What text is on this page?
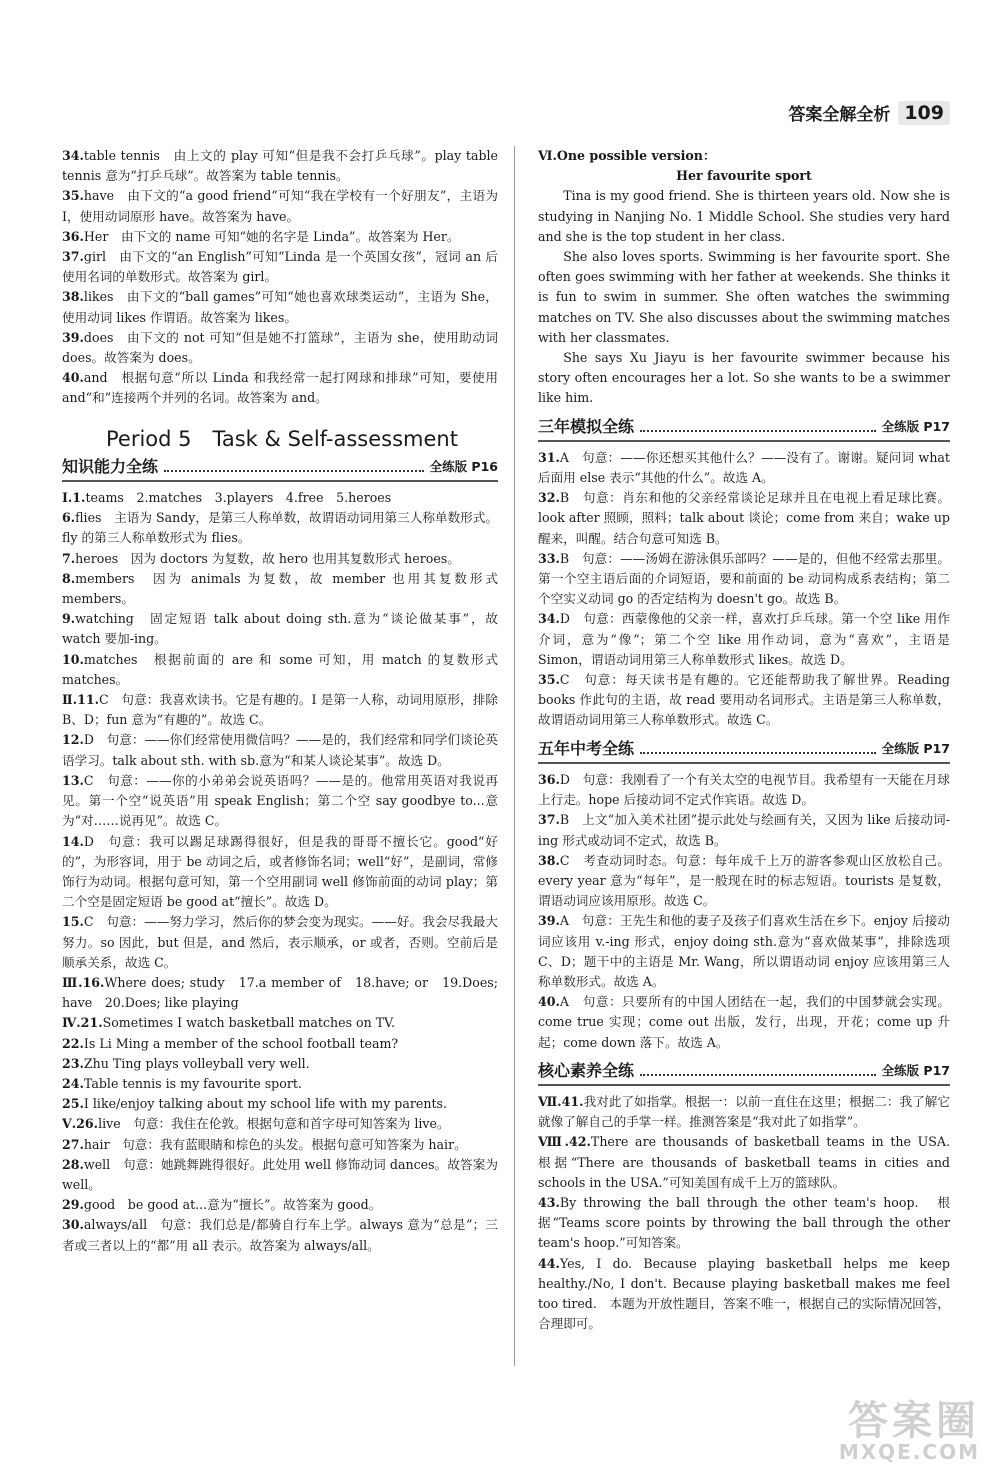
答案全解全析 109

34.table tennis　由上文的 play 可知“但是我不会打乒乓球”。play table tennis 意为“打乒乓球”。故答案为 table tennis。

35.have　由下文的“a good friend”可知“我在学校有一个好朋友”，主语为 I，使用动词原形 have。故答案为 have。

36.Her　由下文的 name 可知“她的名字是 Linda”。故答案为 Her。

37.girl　由下文的“an English”可知“Linda 是一个英国女孩”，冠词 an 后使用名词的单数形式。故答案为 girl。

38.likes　由下文的“ball games”可知“她也喜欢球类运动”，主语为 She，使用动词 likes 作谓语。故答案为 likes。

39.does　由下文的 not 可知“但是她不打篮球”，主语为 she，使用助动词 does。故答案为 does。

40.and　根据句意“所以 Linda 和我经常一起打网球和排球”可知，要使用 and“和”连接两个并列的名词。故答案为 and。

Period 5　Task & Self-assessment
知识能力全练	全练版 P16

Ⅰ.1.teams　2.matches　3.players　4.free　5.heroes

6.flies　主语为 Sandy，是第三人称单数，故谓语动词用第三人称单数形式。fly 的第三人称单数形式为 flies。

7.heroes　因为 doctors 为复数，故 hero 也用其复数形式 heroes。

8.members　因为 animals 为复数，故 member 也用其复数形式 members。

9.watching　固定短语 talk about doing sth.意为“谈论做某事”，故 watch 要加-ing。

10.matches　根据前面的 are 和 some 可知，用 match 的复数形式 matches。

Ⅱ.11.C　句意：我喜欢读书。它是有趣的。I 是第一人称，动词用原形，排除 B、D；fun 意为“有趣的”。故选 C。

12.D　句意：——你们经常使用微信吗？——是的，我们经常和同学们谈论英语学习。talk about sth. with sb.意为“和某人谈论某事”。故选 D。

13.C　句意：——你的小弟弟会说英语吗？——是的。他常用英语对我说再见。第一个空“说英语”用 speak English；第二个空 say goodbye to...意为“对……说再见”。故选 C。

14.D　句意：我可以踢足球踢得很好，但是我的哥哥不擅长它。good“好的”，为形容词，用于 be 动词之后，或者修饰名词；well“好”，是副词，常修饰行为动词。根据句意可知，第一个空用副词 well 修饰前面的动词 play；第二个空是固定短语 be good at“擅长”。故选 D。

15.C　句意：——努力学习，然后你的梦会变为现实。——好。我会尽我最大努力。so 因此，but 但是，and 然后，表示顺承，or 或者，否则。空前后是顺承关系，故选 C。

Ⅲ.16.Where does; study　17.a member of　18.have; or　19.Does; have　20.Does; like playing

Ⅳ.21.Sometimes I watch basketball matches on TV.

22.Is Li Ming a member of the school football team?

23.Zhu Ting plays volleyball very well.

24.Table tennis is my favourite sport.

25.I like/enjoy talking about my school life with my parents.

Ⅴ.26.live　句意：我住在伦敦。根据句意和首字母可知答案为 live。

27.hair　句意：我有蓝眼睛和棕色的头发。根据句意可知答案为 hair。

28.well　句意：她跳舞跳得很好。此处用 well 修饰动词 dances。故答案为 well。

29.good　be good at...意为“擅长”。故答案为 good。

30.always/all　句意：我们总是/都骑自行车上学。always 意为“总是”；三者或三者以上的“都”用 all 表示。故答案为 always/all。

Ⅵ.One possible version：

Her favourite sport

Tina is my good friend. She is thirteen years old. Now she is studying in Nanjing No. 1 Middle School. She studies very hard and she is the top student in her class.

She also loves sports. Swimming is her favourite sport. She often goes swimming with her father at weekends. She thinks it is fun to swim in summer. She often watches the swimming matches on TV. She also discusses about the swimming matches with her classmates.

She says Xu Jiayu is her favourite swimmer because his story often encourages her a lot. So she wants to be a swimmer like him.

三年模拟全练	全练版 P17

31.A　句意：——你还想买其他什么？——没有了。谢谢。疑问词 what 后面用 else 表示“其他的什么”。故选 A。

32.B　句意：肖东和他的父亲经常谈论足球并且在电视上看足球比赛。look after 照顾，照料；talk about 谈论；come from 来自；wake up 醒来，叫醒。结合句意可知选 B。

33.B　句意：——汤姆在游泳俱乐部吗？——是的，但他不经常去那里。第一个空主语后面的介词短语，要和前面的 be 动词构成系表结构；第二个空实义动词 go 的否定结构为 doesn't go。故选 B。

34.D　句意：西蒙像他的父亲一样，喜欢打乒乓球。第一个空 like 用作介词，意为“像”；第二个空 like 用作动词，意为“喜欢”，主语是 Simon，谓语动词用第三人称单数形式 likes。故选 D。

35.C　句意：每天读书是有趣的。它还能帮助我了解世界。Reading books 作此句的主语，故 read 要用动名词形式。主语是第三人称单数，故谓语动词用第三人称单数形式。故选 C。

五年中考全练	全练版 P17

36.D　句意：我刚看了一个有关太空的电视节目。我希望有一天能在月球上行走。hope 后接动词不定式作宾语。故选 D。

37.B　上文“加入美术社团”提示此处与绘画有关，又因为 like 后接动词-ing 形式或动词不定式，故选 B。

38.C　考查动词时态。句意：每年成千上万的游客参观山区放松自己。every year 意为“每年”，是一般现在时的标志短语。tourists 是复数，谓语动词应该用原形。故选 C。

39.A　句意：王先生和他的妻子及孩子们喜欢生活在乡下。enjoy 后接动词应该用 v.-ing 形式，enjoy doing sth.意为“喜欢做某事”，排除选项 C、D；题干中的主语是 Mr. Wang，所以谓语动词 enjoy 应该用第三人称单数形式。故选 A。

40.A　句意：只要所有的中国人团结在一起，我们的中国梦就会实现。come true 实现；come out 出版，发行，出现，开花；come up 升起；come down 落下。故选 A。

核心素养全练	全练版 P17

Ⅶ.41.我对此了如指掌。根据一：以前一直住在这里；根据二：我了解它就像了解自己的手掌一样。推测答案是“我对此了如指掌”。

Ⅷ.42.There are thousands of basketball teams in the USA.　根据“There are thousands of basketball teams in cities and schools in the USA.”可知美国有成千上万的篮球队。

43.By throwing the ball through the other team's hoop.　根据“Teams score points by throwing the ball through the other team's hoop.”可知答案。

44.Yes, I do. Because playing basketball helps me keep healthy./No, I don't. Because playing basketball makes me feel too tired.　本题为开放性题目，答案不唯一，根据自己的实际情况回答，合理即可。

答案圈
MXQE.COM
